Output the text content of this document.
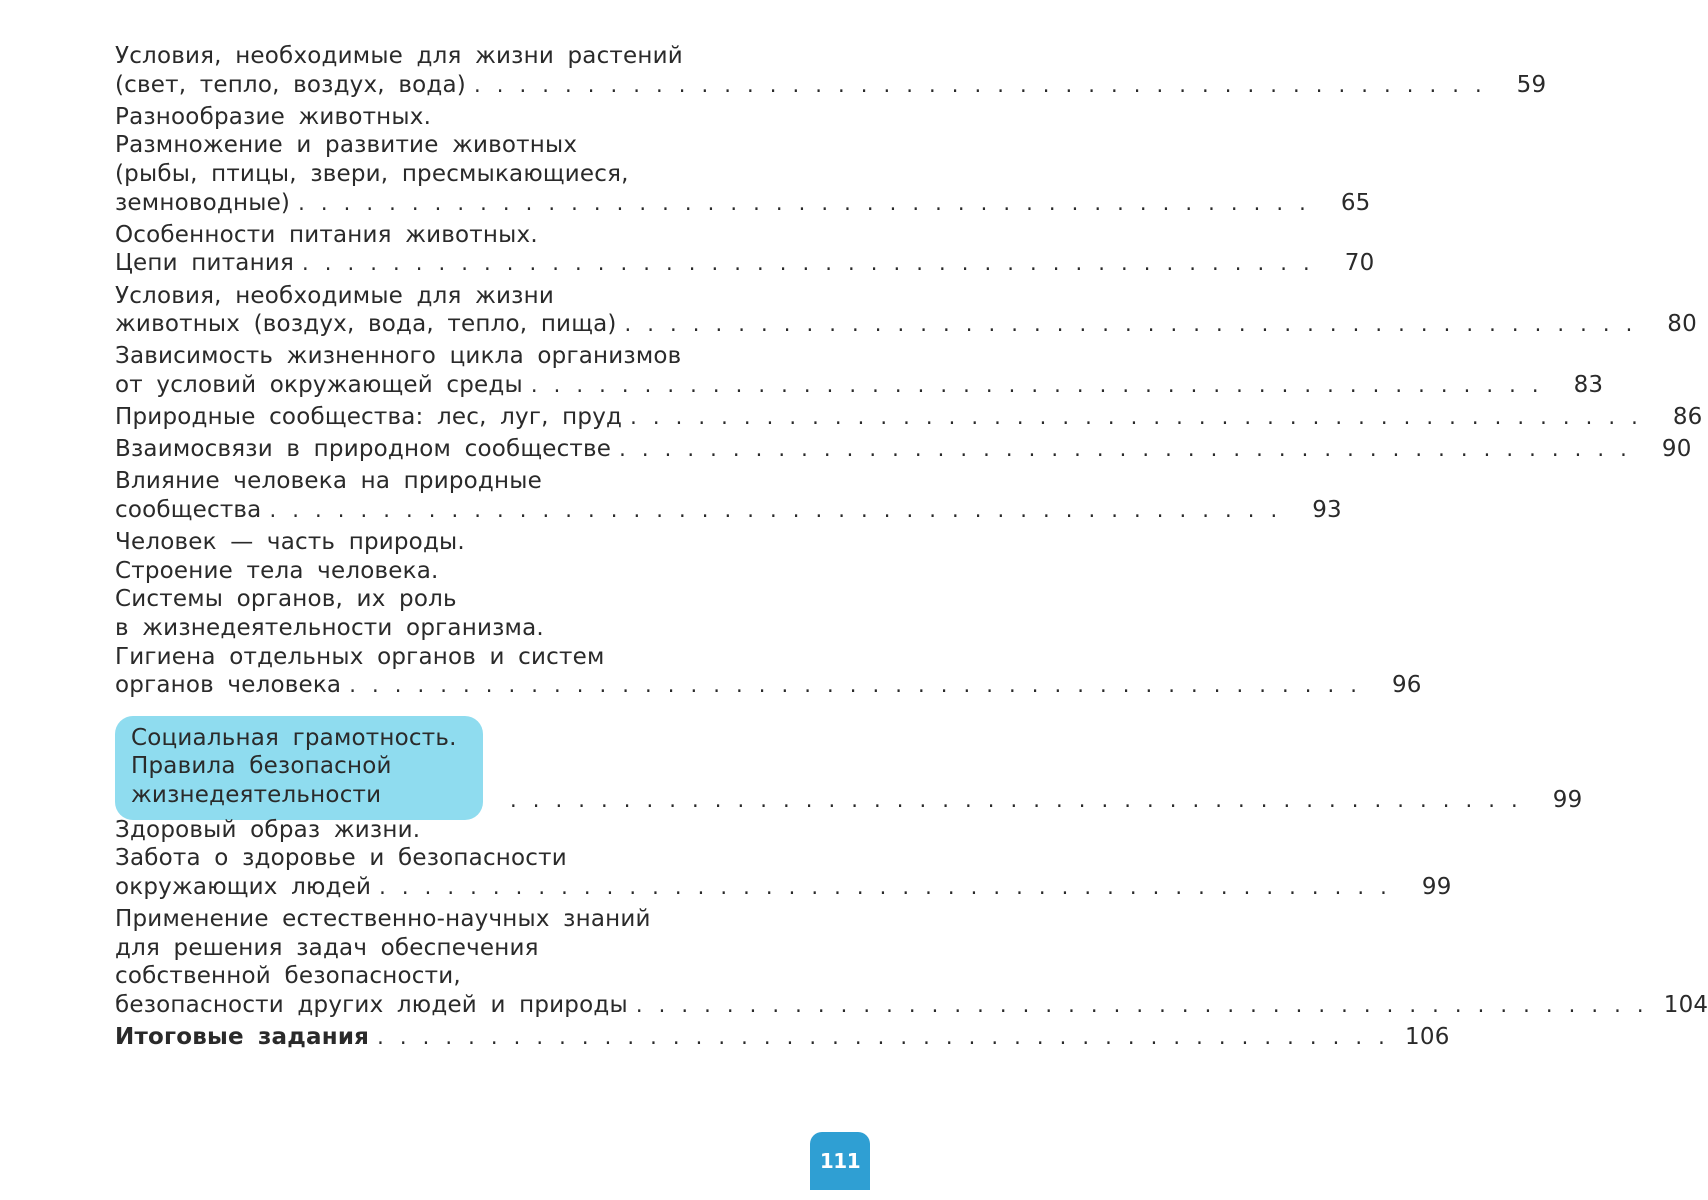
Условия, необходимые для жизни растений
(свет, тепло, воздух, вода) . . . . . . . . . . . . . . . . . . . . . . . . . . . . . . . . . . . . . . . . . . . . .	59
Разнообразие животных.
Размножение и развитие животных
(рыбы, птицы, звери, пресмыкающиеся,
земноводные) . . . . . . . . . . . . . . . . . . . . . . . . . . . . . . . . . . . . . . . . . . . . .	65
Особенности питания животных.
Цепи питания . . . . . . . . . . . . . . . . . . . . . . . . . . . . . . . . . . . . . . . . . . . . .	70
Условия, необходимые для жизни
животных (воздух, вода, тепло, пища) . . . . . . . . . . . . . . . . . . . . . . . . . . . . . . . . . . . . . . . . . . . . .	80
Зависимость жизненного цикла организмов
от условий окружающей среды . . . . . . . . . . . . . . . . . . . . . . . . . . . . . . . . . . . . . . . . . . . . .	83
Природные сообщества: лес, луг, пруд . . . . . . . . . . . . . . . . . . . . . . . . . . . . . . . . . . . . . . . . . . . . .	86
Взаимосвязи в природном сообществе . . . . . . . . . . . . . . . . . . . . . . . . . . . . . . . . . . . . . . . . . . . . .	90
Влияние человека на природные
сообщества . . . . . . . . . . . . . . . . . . . . . . . . . . . . . . . . . . . . . . . . . . . . .	93
Человек — часть природы.
Строение тела человека.
Системы органов, их роль
в жизнедеятельности организма.
Гигиена отдельных органов и систем
органов человека . . . . . . . . . . . . . . . . . . . . . . . . . . . . . . . . . . . . . . . . . . . . .	96
Социальная грамотность.
Правила безопасной
жизнедеятельности	. . . . . . . . . . . . . . . . . . . . . . . . . . . . . . . . . . . . . . . . . . . . .	99
Здоровый образ жизни.
Забота о здоровье и безопасности
окружающих людей . . . . . . . . . . . . . . . . . . . . . . . . . . . . . . . . . . . . . . . . . . . . .	99
Применение естественно-научных знаний
для решения задач обеспечения
собственной безопасности,
безопасности других людей и природы . . . . . . . . . . . . . . . . . . . . . . . . . . . . . . . . . . . . . . . . . . . . . 104
Итоговые задания . . . . . . . . . . . . . . . . . . . . . . . . . . . . . . . . . . . . . . . . . . . . . 106
111
